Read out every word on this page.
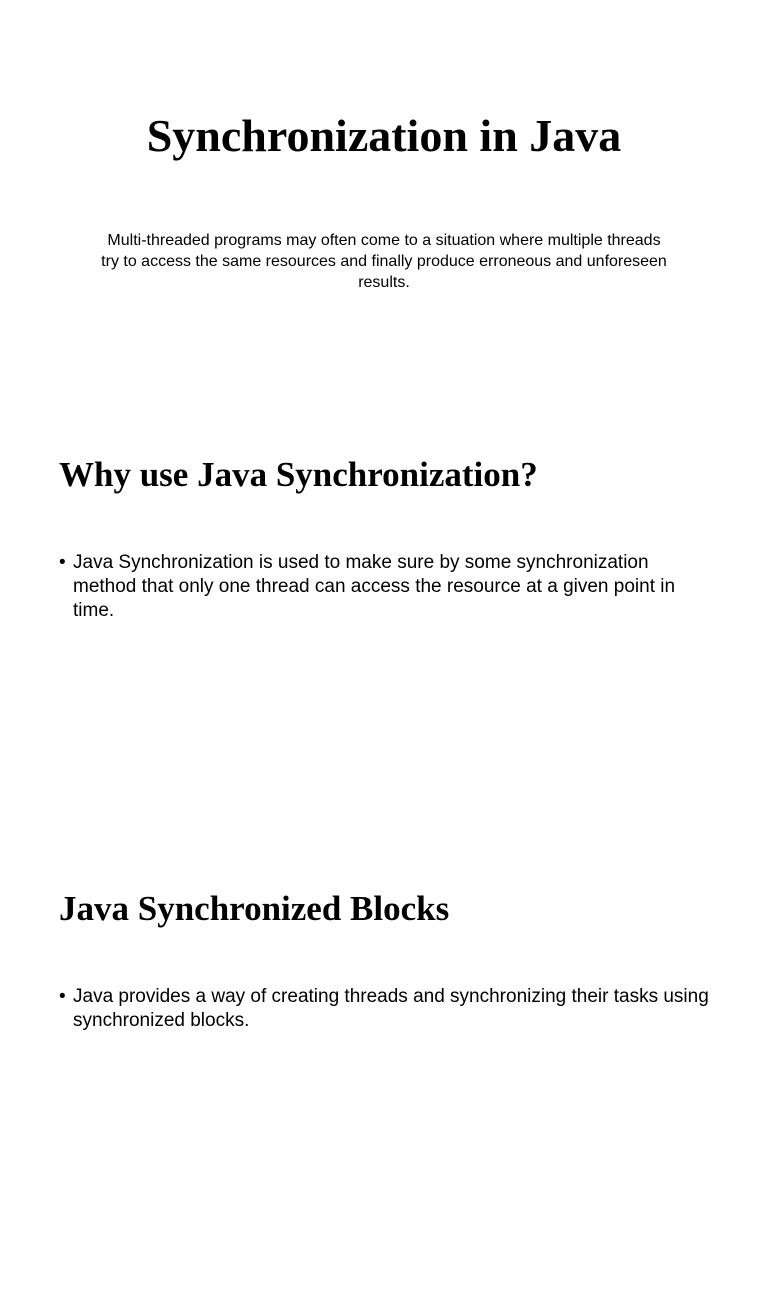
Synchronization in Java

Multi-threaded programs may often come to a situation where multiple threads try to access the same resources and finally produce erroneous and unforeseen results.

Why use Java Synchronization?
• Java Synchronization is used to make sure by some synchronization method that only one thread can access the resource at a given point in time.
Java Synchronized Blocks
• Java provides a way of creating threads and synchronizing their tasks using synchronized blocks.
